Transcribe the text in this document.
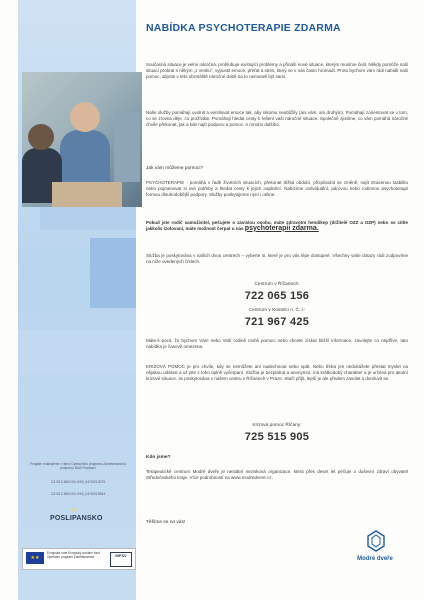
Program realizujeme v rámci Operačního programu Zaměstnanost s podporou MAS Posázaví
CZ.03.2.65/0.0/0.0/16_047/0013079
CZ.03.2.65/0.0/0.0/16_047/0015944
✦
POSLIPANSKO
★★
Evropská unie Evropský sociální fond Operační program Zaměstnanost	MPSV
NABÍDKA PSYCHOTERAPIE ZDARMA
Současná situace je velmi náročná, prohlubuje existující problémy a přináší nové situace, kterým musíme čelit. Někdy pomůže naši situaci probrat s někým „z venku“, vypustit emoce, přeřat a stres, který se v nás často hromadí. Proto bychom vám rádi nabídli naši pomoc, abyste v této obzvláště náročné době na to nemuseli být sami.
Naše služby pomáhají uvolnit a ventilovat emoce tak, aby nikomu neublížily (ani vám, ani druhým). Pomáhají zorientovat se v tom, co se zrovna děje, co prožíváte. Pomáhají hledat cesty k řešení vaší náročné situace. Společně zjistíme, co vám pomáhá náročné chvíle překonat, jak a kde najít podporu a pomoc. A mnoho dalšího.
Jak vám můžeme pomoci?
PSYCHOTERAPIE - pomáhá v řadě životních situacích, překonat těžká období, přizpůsobit se změně, najít ztracenou stabilitu nebo pojmenovat si své potřeby a hledat cesty k jejich naplnění. Nabízíme individuální, párovou nebo rodinnou psychoterapii formou dlouhodobější podpory. Služby poskytujeme nyní i online.
Pokud jste rodič samoživitel, pečujete o závislou osobu, máte zdravotní hendikep (držitelé OZZ a OZP) nebo se cítíte jakkoliv izolovaní, máte možnost čerpat u nás psychoterapii zdarma.
Služba je poskytována v našich dvou centrech – vyberte si, které je pro vás lépe dostupné. Všechny vaše dotazy rádi zodpovíme na níže uvedených číslech.
Centrum v Říčanech:
722 065 156
Centrum v Kostelci n. Č. l.:
721 967 425
Máte-li pocit, že bychom Vám nebo Vaší rodině mohli pomoci nebo chcete získat bližší informace, zavolejte co nejdříve, tato nabídka je časově omezena.
KRIZOVÁ POMOC je pro chvíle, kdy se nemůžete ani nadechnout nebo spát. Nebo třeba jen nedokážete přestat myslet na nějakou událost a už jste z toho úplně vyčerpaní. Služba je bezplatná a anonymní, má krátkodobý charakter a je určena pro akutní krizové situace. Je poskytována v našem centru v Říčanech v Praze. Stačí přijít, lepší je ale předem zavolat a domluvit se.
Krizová pomoc Říčany:
725 515 905
Kdo jsme?
Terapeutické centrum Modré dveře je nestátní nezisková organizace, která přes deset let pečuje o duševní zdraví obyvatel Středočeského kraje. Více podrobností na www.modredvere.cz.
Těšíme se na vás!
Modré dveře
